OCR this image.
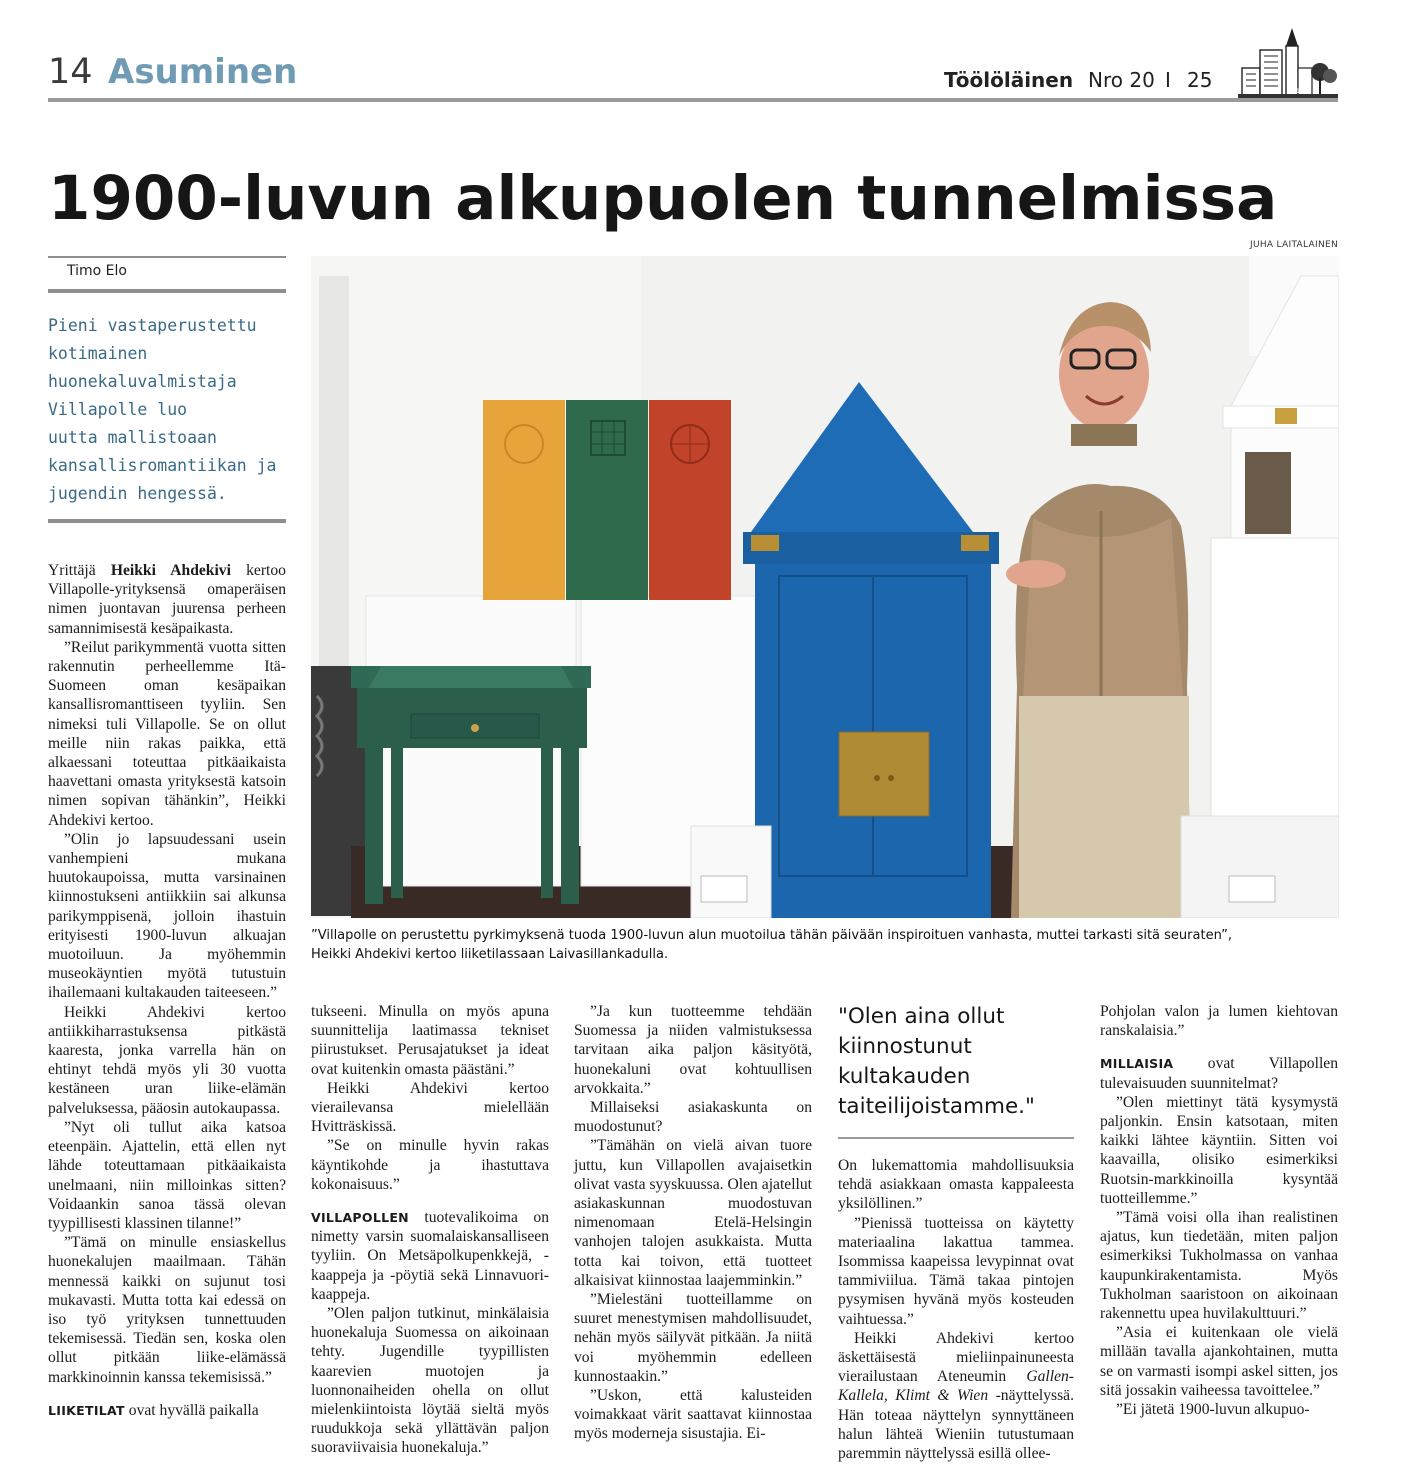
14 Asuminen	Töölöläinen Nro 20 I 25	1978
1900-luvun alkupuolen tunnelmissa
JUHA LAITALAINEN
Timo Elo
Pieni vastaperustettu
kotimainen
huonekaluvalmistaja
Villapolle luo
uutta mallistoaan
kansallisromantiikan ja
jugendin hengessä.
”Villapolle on perustettu pyrkimyksenä tuoda 1900-luvun alun muotoilua tähän päivään inspiroituen vanhasta, muttei tarkasti sitä seuraten”,
Heikki Ahdekivi kertoo liiketilassaan Laivasillankadulla.

Yrittäjä Heikki Ahdekivi kertoo Villapolle-yrityksensä omaperäisen nimen juontavan juurensa perheen samannimisestä kesäpaikasta.

”Reilut parikymmentä vuotta sitten rakennutin perheellemme Itä-Suomeen oman kesäpaikan kansallisromanttiseen tyyliin. Sen nimeksi tuli Villapolle. Se on ollut meille niin rakas paikka, että alkaessani toteuttaa pitkäaikaista haavettani omasta yrityksestä katsoin nimen sopivan tähänkin”, Heikki Ahdekivi kertoo.

”Olin jo lapsuudessani usein vanhempieni mukana huutokaupoissa, mutta varsinainen kiinnostukseni antiikkiin sai alkunsa parikymppisenä, jolloin ihastuin erityisesti 1900-luvun alkuajan muotoiluun. Ja myöhemmin museokäyntien myötä tutustuin ihailemaani kultakauden taiteeseen.”

Heikki Ahdekivi kertoo antiikkiharrastuksensa pitkästä kaaresta, jonka varrella hän on ehtinyt tehdä myös yli 30 vuotta kestäneen uran liike-elämän palveluksessa, pääosin autokaupassa.

”Nyt oli tullut aika katsoa eteenpäin. Ajattelin, että ellen nyt lähde toteuttamaan pitkäaikaista unelmaani, niin milloinkas sitten? Voidaankin sanoa tässä olevan tyypillisesti klassinen tilanne!”

”Tämä on minulle ensiaskellus huonekalujen maailmaan. Tähän mennessä kaikki on sujunut tosi mukavasti. Mutta totta kai edessä on iso työ yrityksen tunnettuuden tekemisessä. Tiedän sen, koska olen ollut pitkään liike-elämässä markkinoinnin kanssa tekemisissä.”

LIIKETILAT ovat hyvällä paikalla

tukseeni. Minulla on myös apuna suunnittelija laatimassa tekniset piirustukset. Perusajatukset ja ideat ovat kuitenkin omasta päästäni.”

Heikki Ahdekivi kertoo vierailevansa mielellään Hvitträskissä.

”Se on minulle hyvin rakas käyntikohde ja ihastuttava kokonaisuus.”

VILLAPOLLEN tuotevalikoima on nimetty varsin suomalaiskansalliseen tyyliin. On Metsäpolkupenkkejä, -kaappeja ja -pöytiä sekä Linnavuori-kaappeja.

”Olen paljon tutkinut, minkälaisia huonekaluja Suomessa on aikoinaan tehty. Jugendille tyypillisten kaarevien muotojen ja luonnonaiheiden ohella on ollut mielenkiintoista löytää sieltä myös ruudukkoja sekä yllättävän paljon suoraviivaisia huonekaluja.”

”Ja kun tuotteemme tehdään Suomessa ja niiden valmistuksessa tarvitaan aika paljon käsityötä, huonekaluni ovat kohtuullisen arvokkaita.”

Millaiseksi asiakaskunta on muodostunut?

”Tämähän on vielä aivan tuore juttu, kun Villapollen avajaisetkin olivat vasta syyskuussa. Olen ajatellut asiakaskunnan muodostuvan nimenomaan Etelä-Helsingin vanhojen talojen asukkaista. Mutta totta kai toivon, että tuotteet alkaisivat kiinnostaa laajemminkin.”

”Mielestäni tuotteillamme on suuret menestymisen mahdollisuudet, nehän myös säilyvät pitkään. Ja niitä voi myöhemmin edelleen kunnostaakin.”

”Uskon, että kalusteiden voimakkaat värit saattavat kiinnostaa myös moderneja sisustajia. Ei-

"Olen aina ollut kiinnostunut kultakauden taiteilijoistamme."

On lukemattomia mahdollisuuksia tehdä asiakkaan omasta kappaleesta yksilöllinen.”

”Pienissä tuotteissa on käytetty materiaalina lakattua tammea. Isommissa kaapeissa levypinnat ovat tammiviilua. Tämä takaa pintojen pysymisen hyvänä myös kosteuden vaihtuessa.”

Heikki Ahdekivi kertoo äskettäisestä mieliinpainuneesta vierailustaan Ateneumin Gallen-Kallela, Klimt & Wien -näyttelyssä. Hän toteaa näyttelyn synnyttäneen halun lähteä Wieniin tutustumaan paremmin näyttelyssä esillä ollee-

Pohjolan valon ja lumen kiehtovan ranskalaisia.”

MILLAISIA ovat Villapollen tulevaisuuden suunnitelmat?

”Olen miettinyt tätä kysymystä paljonkin. Ensin katsotaan, miten kaikki lähtee käyntiin. Sitten voi kaavailla, olisiko esimerkiksi Ruotsin-markkinoilla kysyntää tuotteillemme.”

”Tämä voisi olla ihan realistinen ajatus, kun tiedetään, miten paljon esimerkiksi Tukholmassa on vanhaa kaupunkirakentamista. Myös Tukholman saaristoon on aikoinaan rakennettu upea huvilakulttuuri.”

”Asia ei kuitenkaan ole vielä millään tavalla ajankohtainen, mutta se on varmasti isompi askel sitten, jos sitä jossakin vaiheessa tavoittelee.”

”Ei jätetä 1900-luvun alkupuo-
